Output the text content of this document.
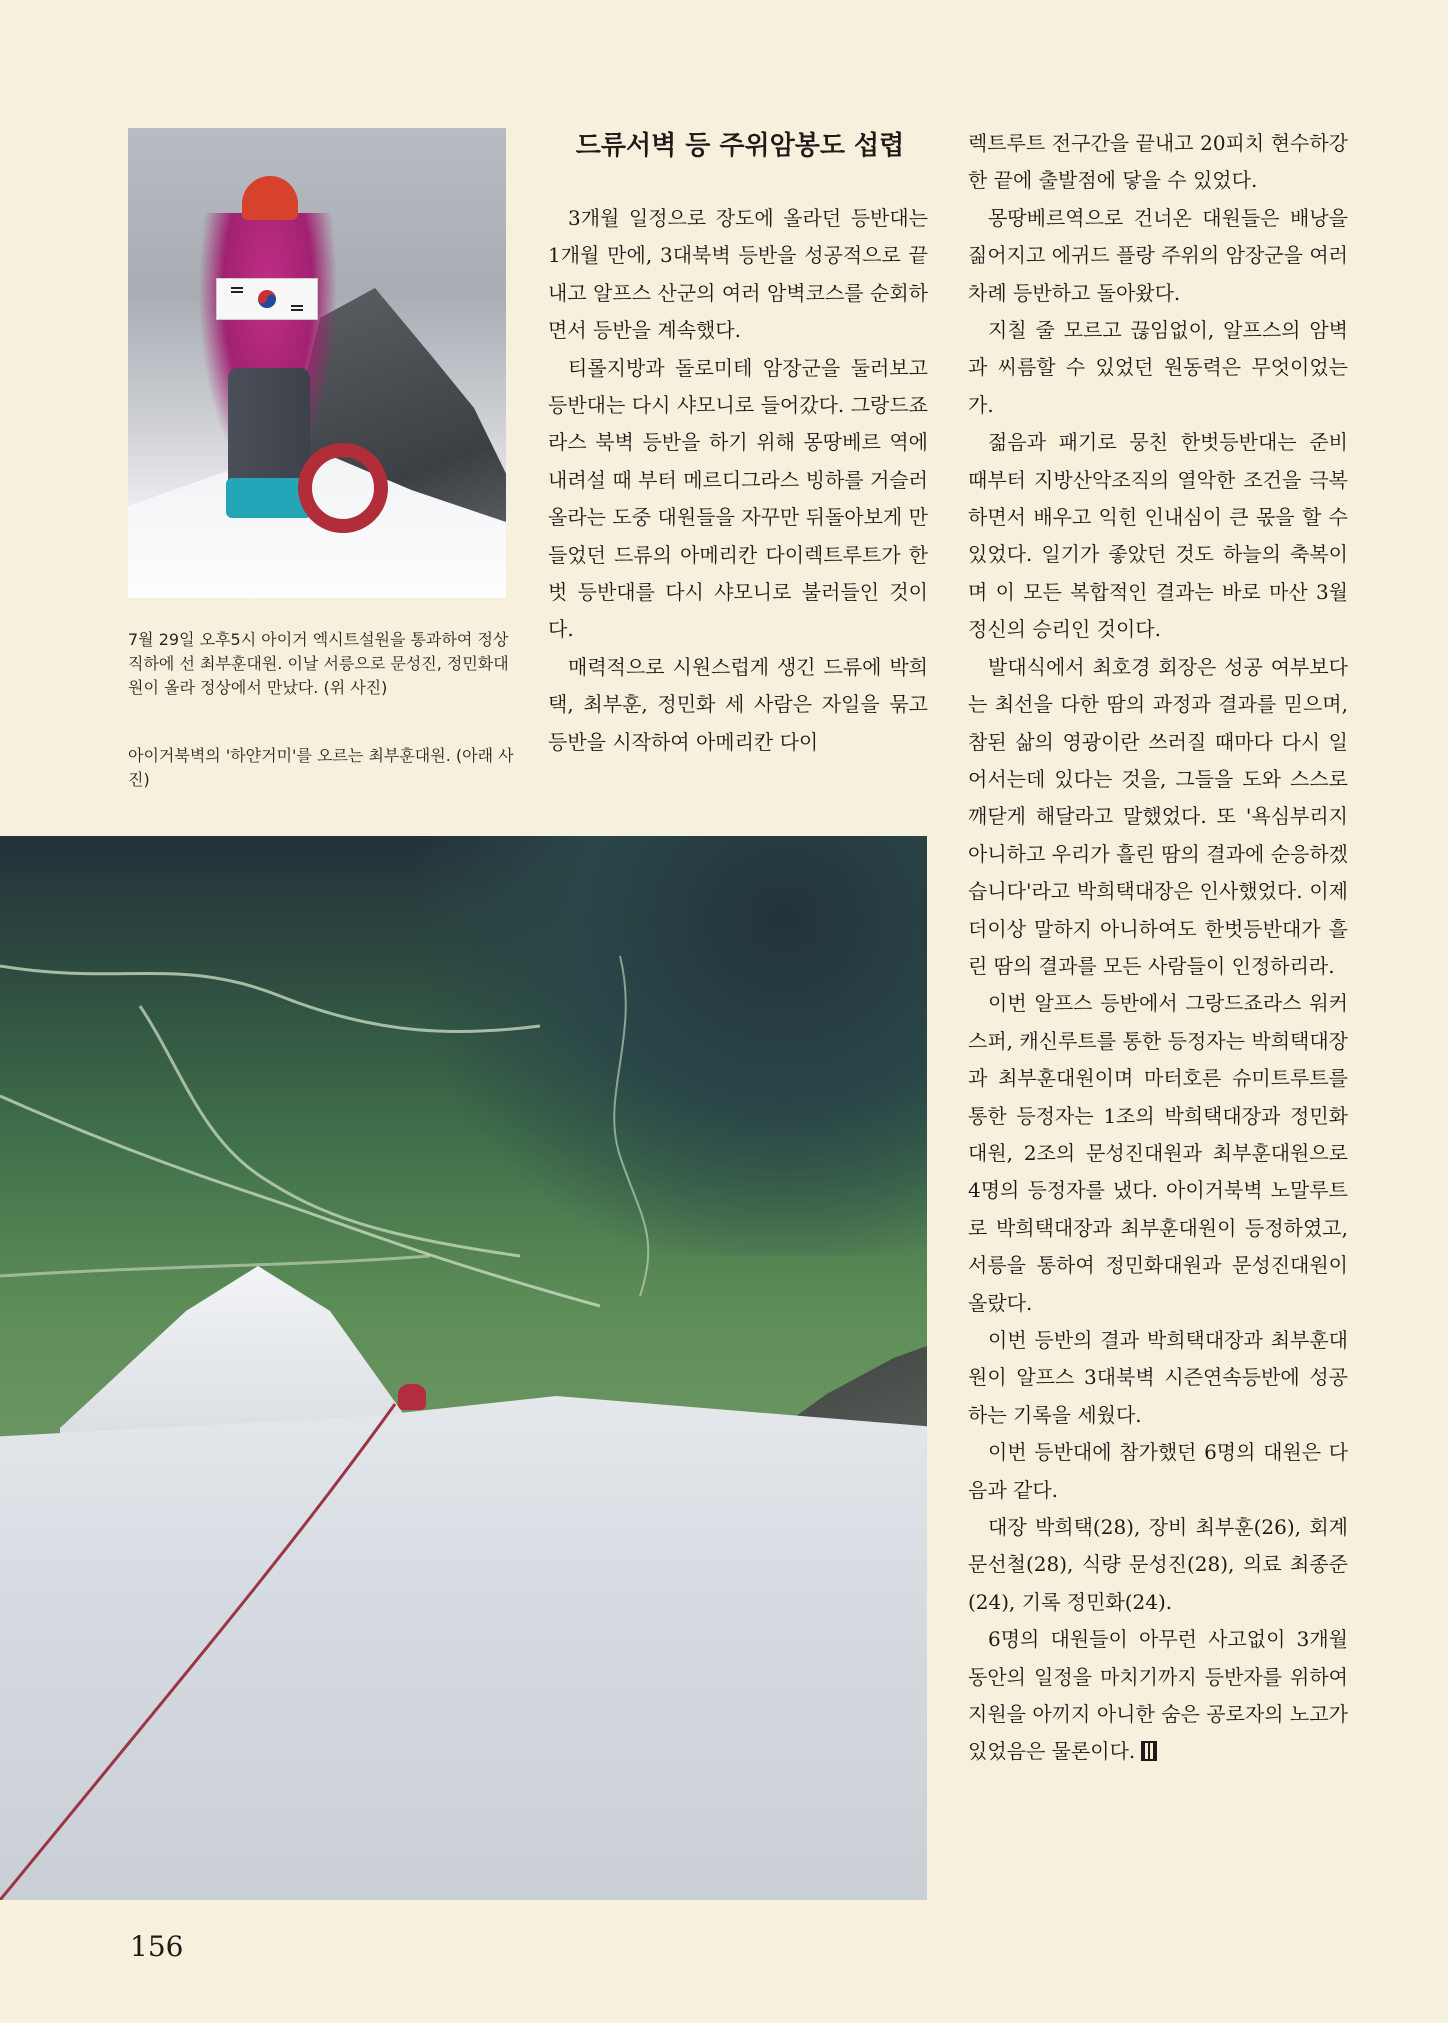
7월 29일 오후5시 아이거 엑시트설원을 통과하여 정상직하에 선 최부훈대원. 이날 서릉으로 문성진, 정민화대원이 올라 정상에서 만났다. (위 사진)
아이거북벽의 '하얀거미'를 오르는 최부훈대원. (아래 사진)
드류서벽 등 주위암봉도 섭렵

3개월 일정으로 장도에 올라던 등반대는 1개월 만에, 3대북벽 등반을 성공적으로 끝내고 알프스 산군의 여러 암벽코스를 순회하면서 등반을 계속했다.

티롤지방과 돌로미테 암장군을 둘러보고 등반대는 다시 샤모니로 들어갔다. 그랑드죠라스 북벽 등반을 하기 위해 몽땅베르 역에 내려설 때 부터 메르디그라스 빙하를 거슬러 올라는 도중 대원들을 자꾸만 뒤돌아보게 만들었던 드류의 아메리칸 다이렉트루트가 한벗 등반대를 다시 샤모니로 불러들인 것이다.

매력적으로 시원스럽게 생긴 드류에 박희택, 최부훈, 정민화 세 사람은 자일을 묶고 등반을 시작하여 아메리칸 다이

렉트루트 전구간을 끝내고 20피치 현수하강한 끝에 출발점에 닿을 수 있었다.

몽땅베르역으로 건너온 대원들은 배낭을 짊어지고 에귀드 플랑 주위의 암장군을 여러 차례 등반하고 돌아왔다.

지칠 줄 모르고 끊임없이, 알프스의 암벽과 씨름할 수 있었던 원동력은 무엇이었는가.

젊음과 패기로 뭉친 한벗등반대는 준비 때부터 지방산악조직의 열악한 조건을 극복하면서 배우고 익힌 인내심이 큰 몫을 할 수 있었다. 일기가 좋았던 것도 하늘의 축복이며 이 모든 복합적인 결과는 바로 마산 3월 정신의 승리인 것이다.

발대식에서 최호경 회장은 성공 여부보다는 최선을 다한 땀의 과정과 결과를 믿으며, 참된 삶의 영광이란 쓰러질 때마다 다시 일어서는데 있다는 것을, 그들을 도와 스스로 깨닫게 해달라고 말했었다. 또 '욕심부리지 아니하고 우리가 흘린 땀의 결과에 순응하겠습니다'라고 박희택대장은 인사했었다. 이제 더이상 말하지 아니하여도 한벗등반대가 흘린 땀의 결과를 모든 사람들이 인정하리라.

이번 알프스 등반에서 그랑드죠라스 워커스퍼, 캐신루트를 통한 등정자는 박희택대장과 최부훈대원이며 마터호른 슈미트루트를 통한 등정자는 1조의 박희택대장과 정민화대원, 2조의 문성진대원과 최부훈대원으로 4명의 등정자를 냈다. 아이거북벽 노말루트로 박희택대장과 최부훈대원이 등정하였고, 서릉을 통하여 정민화대원과 문성진대원이 올랐다.

이번 등반의 결과 박희택대장과 최부훈대원이 알프스 3대북벽 시즌연속등반에 성공하는 기록을 세웠다.

이번 등반대에 참가했던 6명의 대원은 다음과 같다.

대장 박희택(28), 장비 최부훈(26), 회계 문선철(28), 식량 문성진(28), 의료 최종준(24), 기록 정민화(24).

6명의 대원들이 아무런 사고없이 3개월 동안의 일정을 마치기까지 등반자를 위하여 지원을 아끼지 아니한 숨은 공로자의 노고가 있었음은 물론이다.

156
